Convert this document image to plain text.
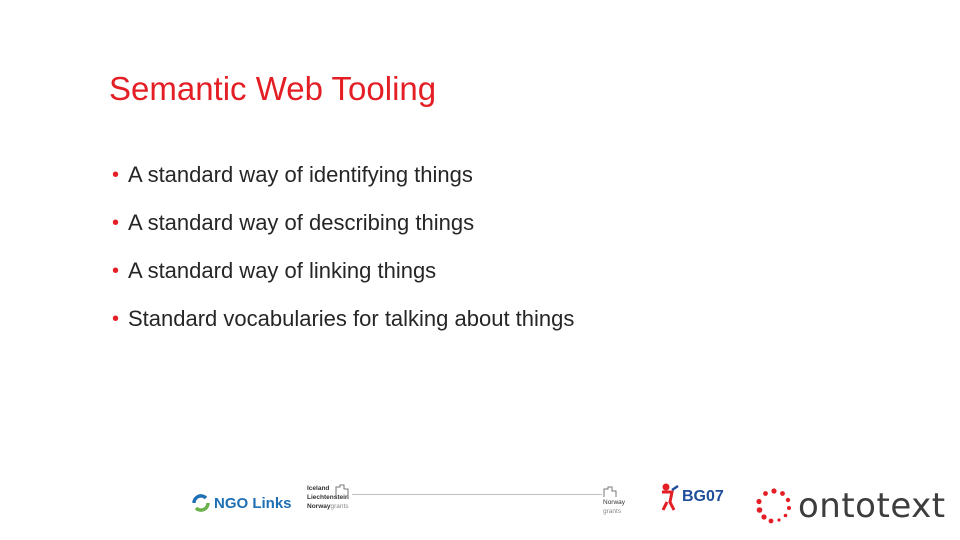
Semantic Web Tooling
• A standard way of identifying things
• A standard way of describing things
• A standard way of linking things
• Standard vocabularies for talking about things
NGO Links
Iceland
Liechtenstein
Norwaygrants
Norway
grants
BG07 ontotext
